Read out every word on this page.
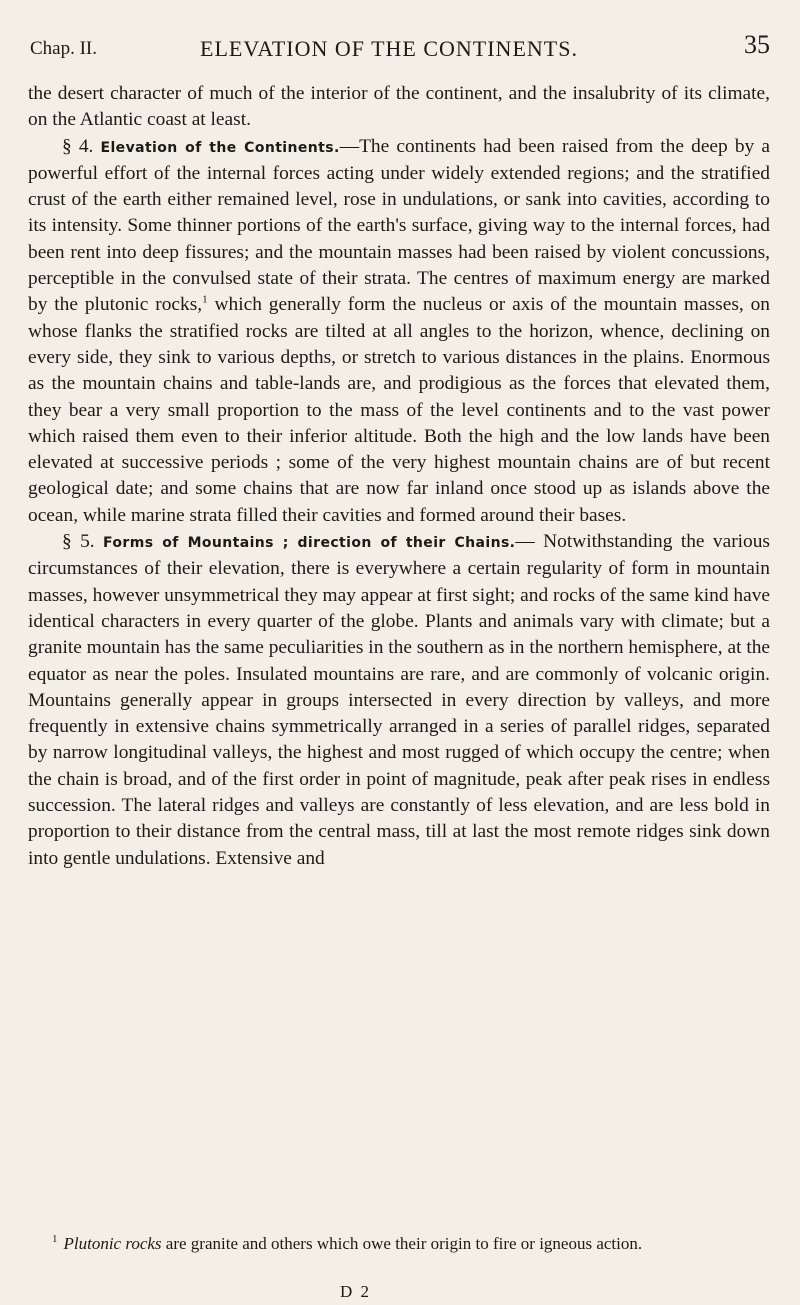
Chap. II.	ELEVATION OF THE CONTINENTS.	35

the desert character of much of the interior of the continent, and the insalubrity of its climate, on the Atlantic coast at least.

§ 4. Elevation of the Continents.—The continents had been raised from the deep by a powerful effort of the internal forces acting under widely extended regions; and the stratified crust of the earth either remained level, rose in undulations, or sank into cavities, according to its intensity. Some thinner portions of the earth's surface, giving way to the internal forces, had been rent into deep fissures; and the mountain masses had been raised by violent concussions, perceptible in the convulsed state of their strata. The centres of maximum energy are marked by the plutonic rocks,$^1$ which generally form the nucleus or axis of the mountain masses, on whose flanks the stratified rocks are tilted at all angles to the horizon, whence, declining on every side, they sink to various depths, or stretch to various distances in the plains. Enormous as the mountain chains and table-lands are, and prodigious as the forces that elevated them, they bear a very small proportion to the mass of the level continents and to the vast power which raised them even to their inferior altitude. Both the high and the low lands have been elevated at successive periods ; some of the very highest mountain chains are of but recent geological date; and some chains that are now far inland once stood up as islands above the ocean, while marine strata filled their cavities and formed around their bases.

§ 5. Forms of Mountains ; direction of their Chains.— Notwithstanding the various circumstances of their elevation, there is everywhere a certain regularity of form in mountain masses, however unsymmetrical they may appear at first sight; and rocks of the same kind have identical characters in every quarter of the globe. Plants and animals vary with climate; but a granite mountain has the same peculiarities in the southern as in the northern hemisphere, at the equator as near the poles. Insulated mountains are rare, and are commonly of volcanic origin. Mountains generally appear in groups intersected in every direction by valleys, and more frequently in extensive chains symmetrically arranged in a series of parallel ridges, separated by narrow longitudinal valleys, the highest and most rugged of which occupy the centre; when the chain is broad, and of the first order in point of magnitude, peak after peak rises in endless succession. The lateral ridges and valleys are constantly of less elevation, and are less bold in proportion to their distance from the central mass, till at last the most remote ridges sink down into gentle undulations. Extensive and

$^1$ Plutonic rocks are granite and others which owe their origin to fire or igneous action.
D 2
